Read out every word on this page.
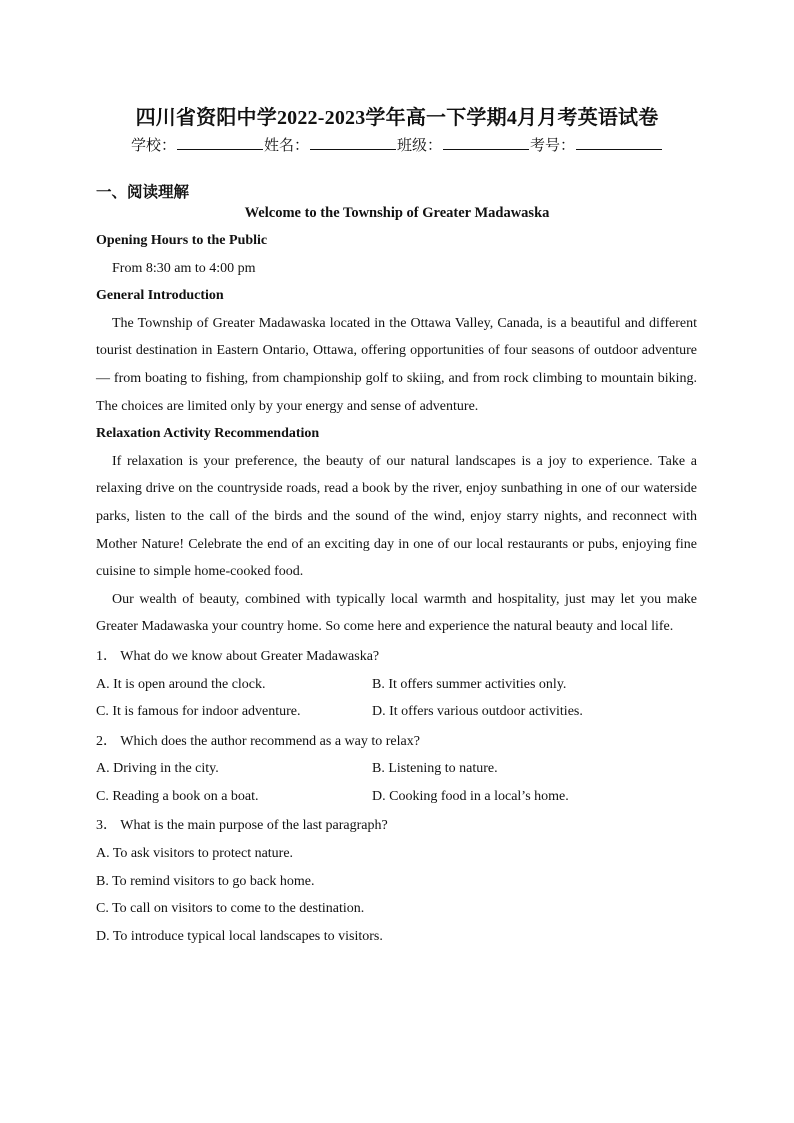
四川省资阳中学2022-2023学年高一下学期4月月考英语试卷
学校：	姓名：	班级：	考号：
一、阅读理解
Welcome to the Township of Greater Madawaska
Opening Hours to the Public

From 8:30 am to 4:00 pm

General Introduction

The Township of Greater Madawaska located in the Ottawa Valley, Canada, is a beautiful and different tourist destination in Eastern Ontario, Ottawa, offering opportunities of four seasons of outdoor adventure — from boating to fishing, from championship golf to skiing, and from rock climbing to mountain biking. The choices are limited only by your energy and sense of adventure.

Relaxation Activity Recommendation

If relaxation is your preference, the beauty of our natural landscapes is a joy to experience. Take a relaxing drive on the countryside roads, read a book by the river, enjoy sunbathing in one of our waterside parks, listen to the call of the birds and the sound of the wind, enjoy starry nights, and reconnect with Mother Nature! Celebrate the end of an exciting day in one of our local restaurants or pubs, enjoying fine cuisine to simple home-cooked food.

Our wealth of beauty, combined with typically local warmth and hospitality, just may let you make Greater Madawaska your country home. So come here and experience the natural beauty and local life.

1． What do we know about Greater Madawaska?
A. It is open around the clock.	B. It offers summer activities only.
C. It is famous for indoor adventure.	D. It offers various outdoor activities.
2． Which does the author recommend as a way to relax?
A. Driving in the city.	B. Listening to nature.
C. Reading a book on a boat.	D. Cooking food in a local’s home.
3． What is the main purpose of the last paragraph?
A. To ask visitors to protect nature.
B. To remind visitors to go back home.
C. To call on visitors to come to the destination.
D. To introduce typical local landscapes to visitors.
